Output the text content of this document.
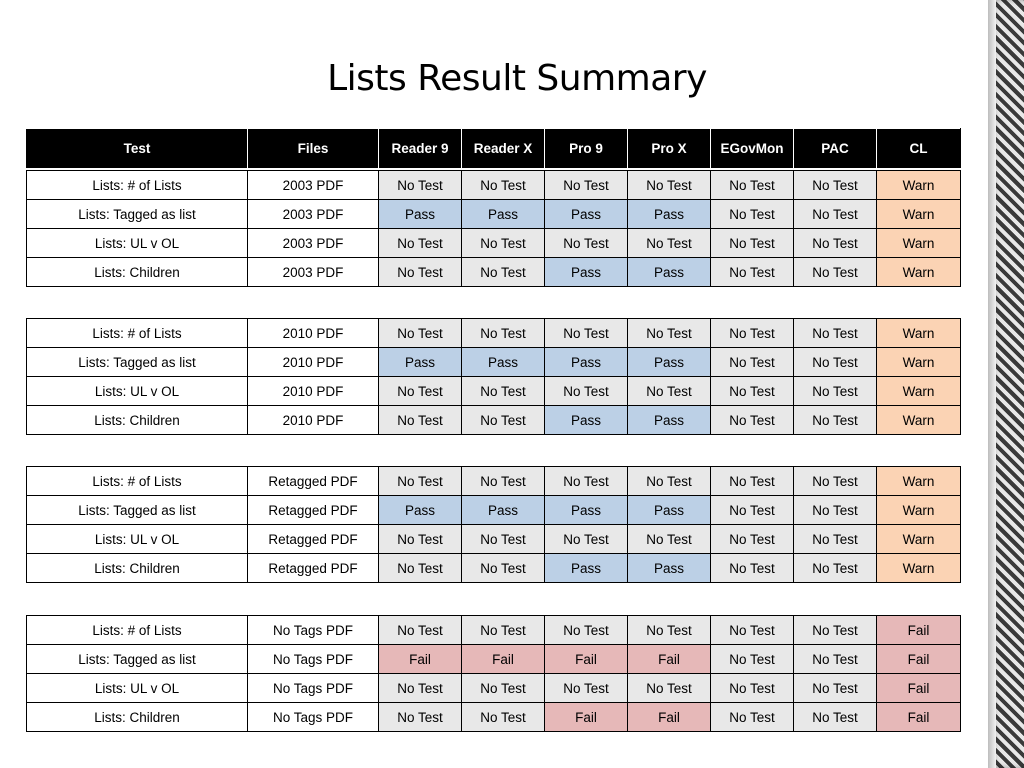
Lists Result Summary
Test	Files	Reader 9	Reader X	Pro 9	Pro X	EGovMon	PAC	CL
Lists: # of Lists	2003 PDF	No Test	No Test	No Test	No Test	No Test	No Test	Warn
Lists: Tagged as list	2003 PDF	Pass	Pass	Pass	Pass	No Test	No Test	Warn
Lists: UL v OL	2003 PDF	No Test	No Test	No Test	No Test	No Test	No Test	Warn
Lists: Children	2003 PDF	No Test	No Test	Pass	Pass	No Test	No Test	Warn
Lists: # of Lists	2010 PDF	No Test	No Test	No Test	No Test	No Test	No Test	Warn
Lists: Tagged as list	2010 PDF	Pass	Pass	Pass	Pass	No Test	No Test	Warn
Lists: UL v OL	2010 PDF	No Test	No Test	No Test	No Test	No Test	No Test	Warn
Lists: Children	2010 PDF	No Test	No Test	Pass	Pass	No Test	No Test	Warn
Lists: # of Lists	Retagged PDF	No Test	No Test	No Test	No Test	No Test	No Test	Warn
Lists: Tagged as list	Retagged PDF	Pass	Pass	Pass	Pass	No Test	No Test	Warn
Lists: UL v OL	Retagged PDF	No Test	No Test	No Test	No Test	No Test	No Test	Warn
Lists: Children	Retagged PDF	No Test	No Test	Pass	Pass	No Test	No Test	Warn
Lists: # of Lists	No Tags PDF	No Test	No Test	No Test	No Test	No Test	No Test	Fail
Lists: Tagged as list	No Tags PDF	Fail	Fail	Fail	Fail	No Test	No Test	Fail
Lists: UL v OL	No Tags PDF	No Test	No Test	No Test	No Test	No Test	No Test	Fail
Lists: Children	No Tags PDF	No Test	No Test	Fail	Fail	No Test	No Test	Fail
